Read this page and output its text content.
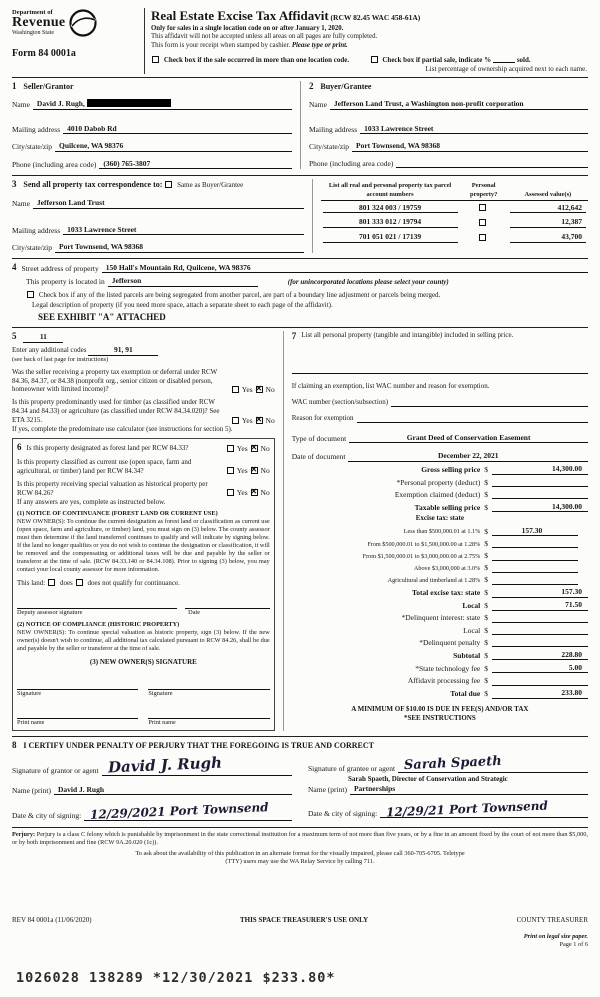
Department of
Revenue
Washington State
Form 84 0001a
Real Estate Excise Tax Affidavit (RCW 82.45 WAC 458-61A)
Only for sales in a single location code on or after January 1, 2020.
This affidavit will not be accepted unless all areas on all pages are fully completed.
This form is your receipt when stamped by cashier. Please type or print.
Check box if the sale occurred in more than one location code.	Check box if partial sale, indicate %	sold.
List percentage of ownership acquired next to each name.
1 Seller/Grantor
Name David J. Rugh,
Mailing address 4010 Dabob Rd
City/state/zip Quilcene, WA 98376
Phone (including area code) (360) 765-3807
2 Buyer/Grantee
Name Jefferson Land Trust, a Washington non-profit corporation
Mailing address 1033 Lawrence Street
City/state/zip Port Townsend, WA 98368
Phone (including area code)
3 Send all property tax correspondence to: Same as Buyer/Grantee
Name Jefferson Land Trust
Mailing address 1033 Lawrence Street
City/state/zip Port Townsend, WA 98368
List all real and personal property tax parcel account numbers	Personal property?	Assessed value(s)

801 324 003 / 19759		412,642

801 333 012 / 19794		12,387

701 051 021 / 17139		43,700
4 Street address of property 150 Hall's Mountain Rd, Quilcene, WA 98376
This property is located in Jefferson	(for unincorporated locations please select your county)
Check box if any of the listed parcels are being segregated from another parcel, are part of a boundary line adjustment or parcels being merged.
Legal description of property (if you need more space, attach a separate sheet to each page of the affidavit).
SEE EXHIBIT "A" ATTACHED
5	11
Enter any additional codes	91, 91
(see back of last page for instructions)
Was the seller receiving a property tax exemption or deferral under RCW 84.36, 84.37, or 84.38 (nonprofit org., senior citizen or disabled person, homeowner with limited income)?	Yes ✕ No
Is this property predominantly used for timber (as classified under RCW 84.34 and 84.33) or agriculture (as classified under RCW 84.34.020)? See ETA 3215.	Yes ✕ No
If yes, complete the predominate use calculator (see instructions for section 5).
6 Is this property designated as forest land per RCW 84.33?	Yes ✕ No
Is this property classified as current use (open space, farm and agricultural, or timber) land per RCW 84.34?	Yes ✕ No
Is this property receiving special valuation as historical property per RCW 84.26?	Yes ✕ No
If any answers are yes, complete as instructed below.
(1) NOTICE OF CONTINUANCE (FOREST LAND OR CURRENT USE)
NEW OWNER(S): To continue the current designation as forest land or classification as current use (open space, farm and agriculture, or timber) land, you must sign on (3) below. The county assessor must then determine if the land transferred continues to qualify and will indicate by signing below. If the land no longer qualifies or you do not wish to continue the designation or classification, it will be removed and the compensating or additional taxes will be due and payable by the seller or transferor at the time of sale. (RCW 84.33.140 or 84.34.108). Prior to signing (3) below, you may contact your local county assessor for more information.
This land: does does not qualify for continuance.
Deputy assessor signature	Date
(2) NOTICE OF COMPLIANCE (HISTORIC PROPERTY)
NEW OWNER(S): To continue special valuation as historic property, sign (3) below. If the new owner(s) doesn't wish to continue, all additional tax calculated pursuant to RCW 84.26, shall be due and payable by the seller or transferor at the time of sale.
(3) NEW OWNER(S) SIGNATURE
Signature	Signature
Print name	Print name
7 List all personal property (tangible and intangible) included in selling price.
If claiming an exemption, list WAC number and reason for exemption.
WAC number (section/subsection)
Reason for exemption
Type of document	Grant Deed of Conservation Easement
Date of document	December 22, 2021
Gross selling price $	14,300.00
*Personal property (deduct) $
Exemption claimed (deduct) $
Taxable selling price $	14,300.00
Excise tax: state
Less than $500,000.01 at 1.1% $	157.30
From $500,000.01 to $1,500,000.00 at 1.28% $
From $1,500,000.01 to $3,000,000.00 at 2.75% $
Above $3,000,000 at 3.0% $
Agricultural and timberland at 1.28% $
Total excise tax: state $	157.30
Local $	71.50
*Delinquent interest: state $
Local $
*Delinquent penalty $
Subtotal $	228.80
*State technology fee $	5.00
Affidavit processing fee $
Total due $	233.80
A MINIMUM OF $10.00 IS DUE IN FEE(S) AND/OR TAX
*SEE INSTRUCTIONS
8 I CERTIFY UNDER PENALTY OF PERJURY THAT THE FOREGOING IS TRUE AND CORRECT
Signature of grantor or agent David J. Rugh
Name (print) David J. Rugh
Date & city of signing: 12/29/2021 Port Townsend
Signature of grantee or agent Sarah Spaeth
Sarah Spaeth, Director of Conservation and Strategic
Name (print) Partnerships
Date & city of signing: 12/29/21 Port Townsend
Perjury: Perjury is a class C felony which is punishable by imprisonment in the state correctional institution for a maximum term of not more than five years, or by a fine in an amount fixed by the court of not more than $5,000, or by both imprisonment and fine (RCW 9A.20.020 (1c)).
To ask about the availability of this publication in an alternate format for the visually impaired, please call 360-705-6705. Teletype
(TTY) users may use the WA Relay Service by calling 711.
REV 84 0001a (11/06/2020)	THIS SPACE TREASURER'S USE ONLY	COUNTY TREASURER
Print on legal size paper.
Page 1 of 6
1026028 138289 *12/30/2021 $233.80*
